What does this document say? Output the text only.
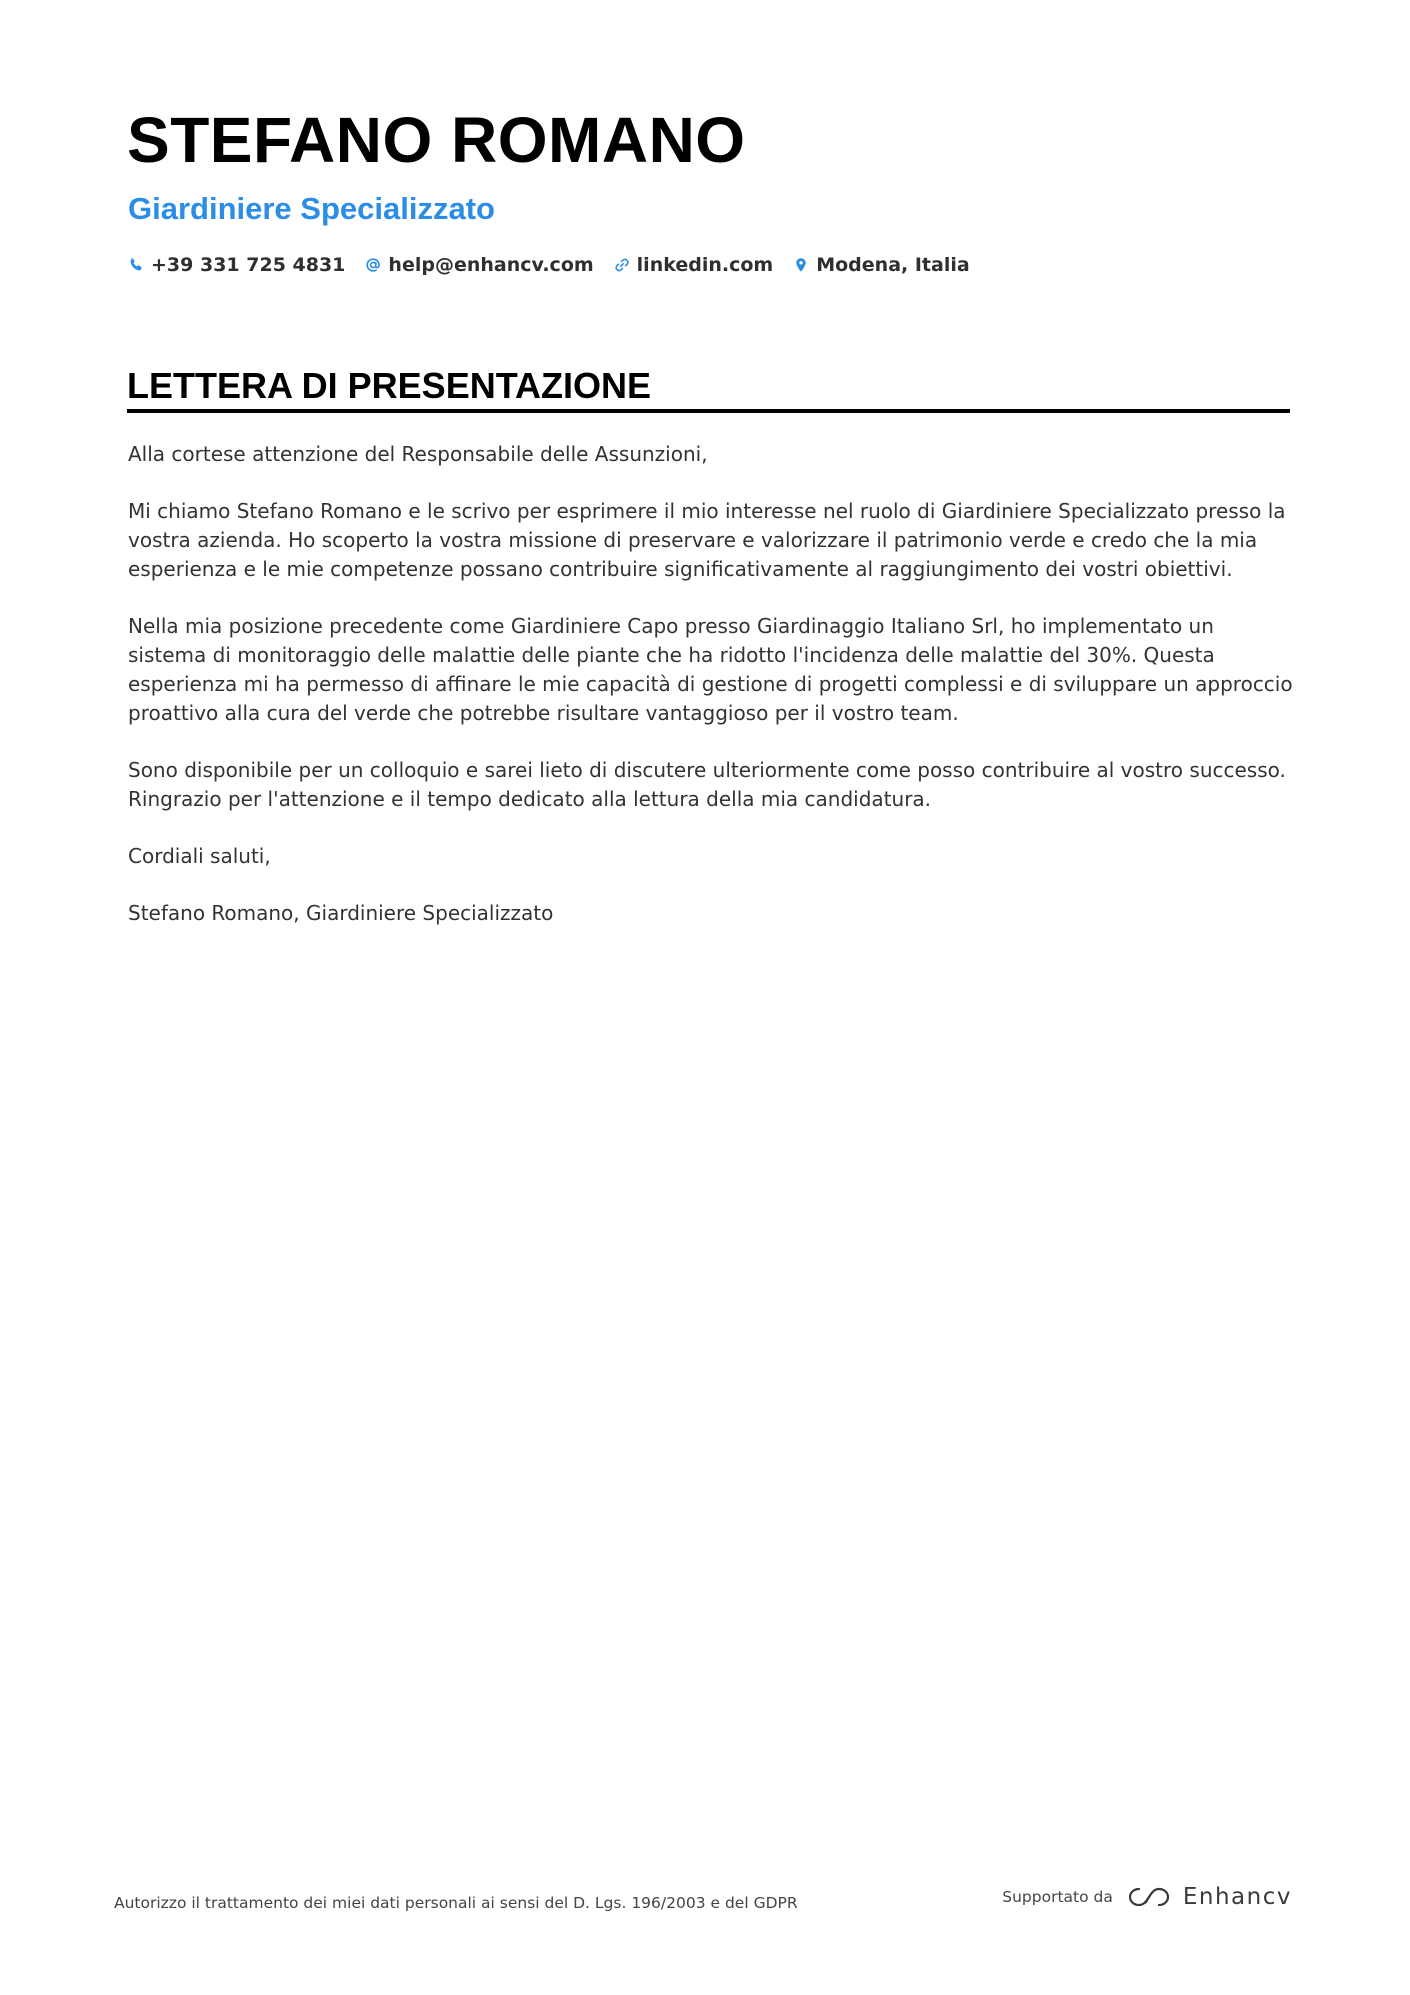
STEFANO ROMANO
Giardiniere Specializzato
+39 331 725 4831 help@enhancv.com linkedin.com Modena, Italia
LETTERA DI PRESENTAZIONE

Alla cortese attenzione del Responsabile delle Assunzioni,

Mi chiamo Stefano Romano e le scrivo per esprimere il mio interesse nel ruolo di Giardiniere Specializzato presso la vostra azienda. Ho scoperto la vostra missione di preservare e valorizzare il patrimonio verde e credo che la mia esperienza e le mie competenze possano contribuire significativamente al raggiungimento dei vostri obiettivi.

Nella mia posizione precedente come Giardiniere Capo presso Giardinaggio Italiano Srl, ho implementato un sistema di monitoraggio delle malattie delle piante che ha ridotto l'incidenza delle malattie del 30%. Questa esperienza mi ha permesso di affinare le mie capacità di gestione di progetti complessi e di sviluppare un approccio proattivo alla cura del verde che potrebbe risultare vantaggioso per il vostro team.

Sono disponibile per un colloquio e sarei lieto di discutere ulteriormente come posso contribuire al vostro successo. Ringrazio per l'attenzione e il tempo dedicato alla lettura della mia candidatura.

Cordiali saluti,

Stefano Romano, Giardiniere Specializzato

Autorizzo il trattamento dei miei dati personali ai sensi del D. Lgs. 196/2003 e del GDPR	Supportato da	Enhancv
